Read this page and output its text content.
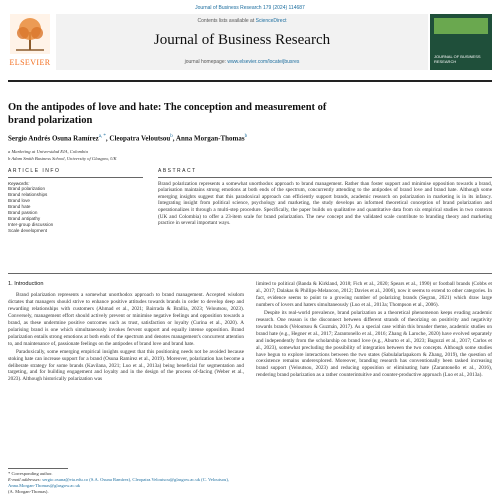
Journal of Business Research 179 (2024) 114687
ELSEVIER
Contents lists available at ScienceDirect
Journal of Business Research
journal homepage: www.elsevier.com/locate/jbusres
JOURNAL OF BUSINESS RESEARCH
On the antipodes of love and hate: The conception and measurement of
brand polarization
Sergio Andrés Osuna Ramírez$^{a, *}$, Cleopatra Veloutsou$^b$, Anna Morgan-Thomas$^b$
a Marketing at Universidad EIA, Colombia
b Adam Smith Business School, University of Glasgow, UK
ARTICLE INFO
Keywords:
Brand polarization
Brand relationships
Brand love
Brand hate
Brand passion
Brand antipathy
Inter-group discussion
Scale development
ABSTRACT
Brand polarization represents a somewhat unorthodox approach to brand management. Rather than foster support and minimise opposition towards a brand, polarisation maintains strong emotions at both ends of the spectrum, concurrently attending to the antipodes of brand love and brand hate. Although some emerging insights suggest that this paradoxical approach can efficiently support brands, academic research on polarization in marketing is in its infancy. Integrating insight from political science, psychology and marketing, the study develops an informed theoretical conception of brand polarization and operationalizes it through a multi-step procedure. Specifically, the paper builds on qualitative and quantitative data from six empirical studies in two contexts (UK and Colombia) to offer a 23-item scale for brand polarization. The new concept and the validated scale contribute to branding theory and marketing practice in several important ways.
1. Introduction

Brand polarization represents a somewhat unorthodox approach to brand management. Accepted wisdom dictates that managers should strive to enhance positive attitudes towards brands in order to develop deep and rewarding relationships with customers (Ahmad et al., 2021; Bairrada & Brallia, 2023; Veloutsou, 2023). Conversely, management effort should actively prevent or minimise negative feelings and opposition towards a brand, as these undermine positive outcomes such as trust, satisfaction or loyalty (Curina et al., 2020). A polarising brand is one which simultaneously invokes fervent support and equally intense opposition. Brand polarization entails strong emotions at both ends of the spectrum and denotes management's concurrent attention to, and maintenance of, passionate feelings on the antipodes of brand love and brand hate.

Paradoxically, some emerging empirical insights suggest that this positioning needs not be avoided because stoking hate can increase support for a brand (Osuna Ramírez et al., 2019). Moreover, polarization has become a deliberate strategy for some brands (Kavilana, 2021; Luo et al., 2013a) being beneficial for segmentation and targeting, and for building engagement and loyalty and in the design of the process of-facing (Weber et al., 2023). Although historically polarization was

limited to political (Banda & Kirkland, 2018; Fich et al., 2020; Spears et al., 1990) or football brands (Cobbs et al., 2017; Dalakas & Phillips-Melancon, 2012; Davies et al., 2006), now it seems to extend to other categories. In fact, evidence seems to point to a growing number of polarizing brands (Segran, 2021) which draw large numbers of lovers and haters simultaneously (Luo et al., 2013a; Thompson et al., 2006).

Despite its real-world prevalence, brand polarization as a theoretical phenomenon keeps evading academic research. One reason is the disconnect between different strands of theorizing on positivity and negativity towards brands (Veloutsou & Guzmán, 2017). As a special case within this broader theme, academic studies on brand hate (e.g., Hegner et al., 2017; Zarantonello et al., 2016; Zhang & Laroche, 2020) have evolved separately and independently from the scholarship on brand love (e.g., Aburto et al., 2023; Bagozzi et al., 2017; Carlos et al., 2023), somewhat precluding the possibility of integration between the two concepts. Although some studies have begun to explore interactions between the two states (Sabulalarlapakorn & Zhang, 2019), the question of coexistence remains underexplored. Moreover, branding research has conventionally been tasked increasing brand support (Veloutsou, 2023) and reducing opposition or eliminating hate (Zarantonello et al., 2016), rendering brand polarization as a rather counterintuitive and counter-productive approach (Luo et al., 2013a).

* Corresponding author.
E-mail addresses: sergio.osuna@eia.edu.co (S.A. Osuna Ramírez), Cleopatra.Veloutsou@glasgow.ac.uk (C. Veloutsou), Anna.Morgan-Thomas@glasgow.ac.uk
(A. Morgan-Thomas).
